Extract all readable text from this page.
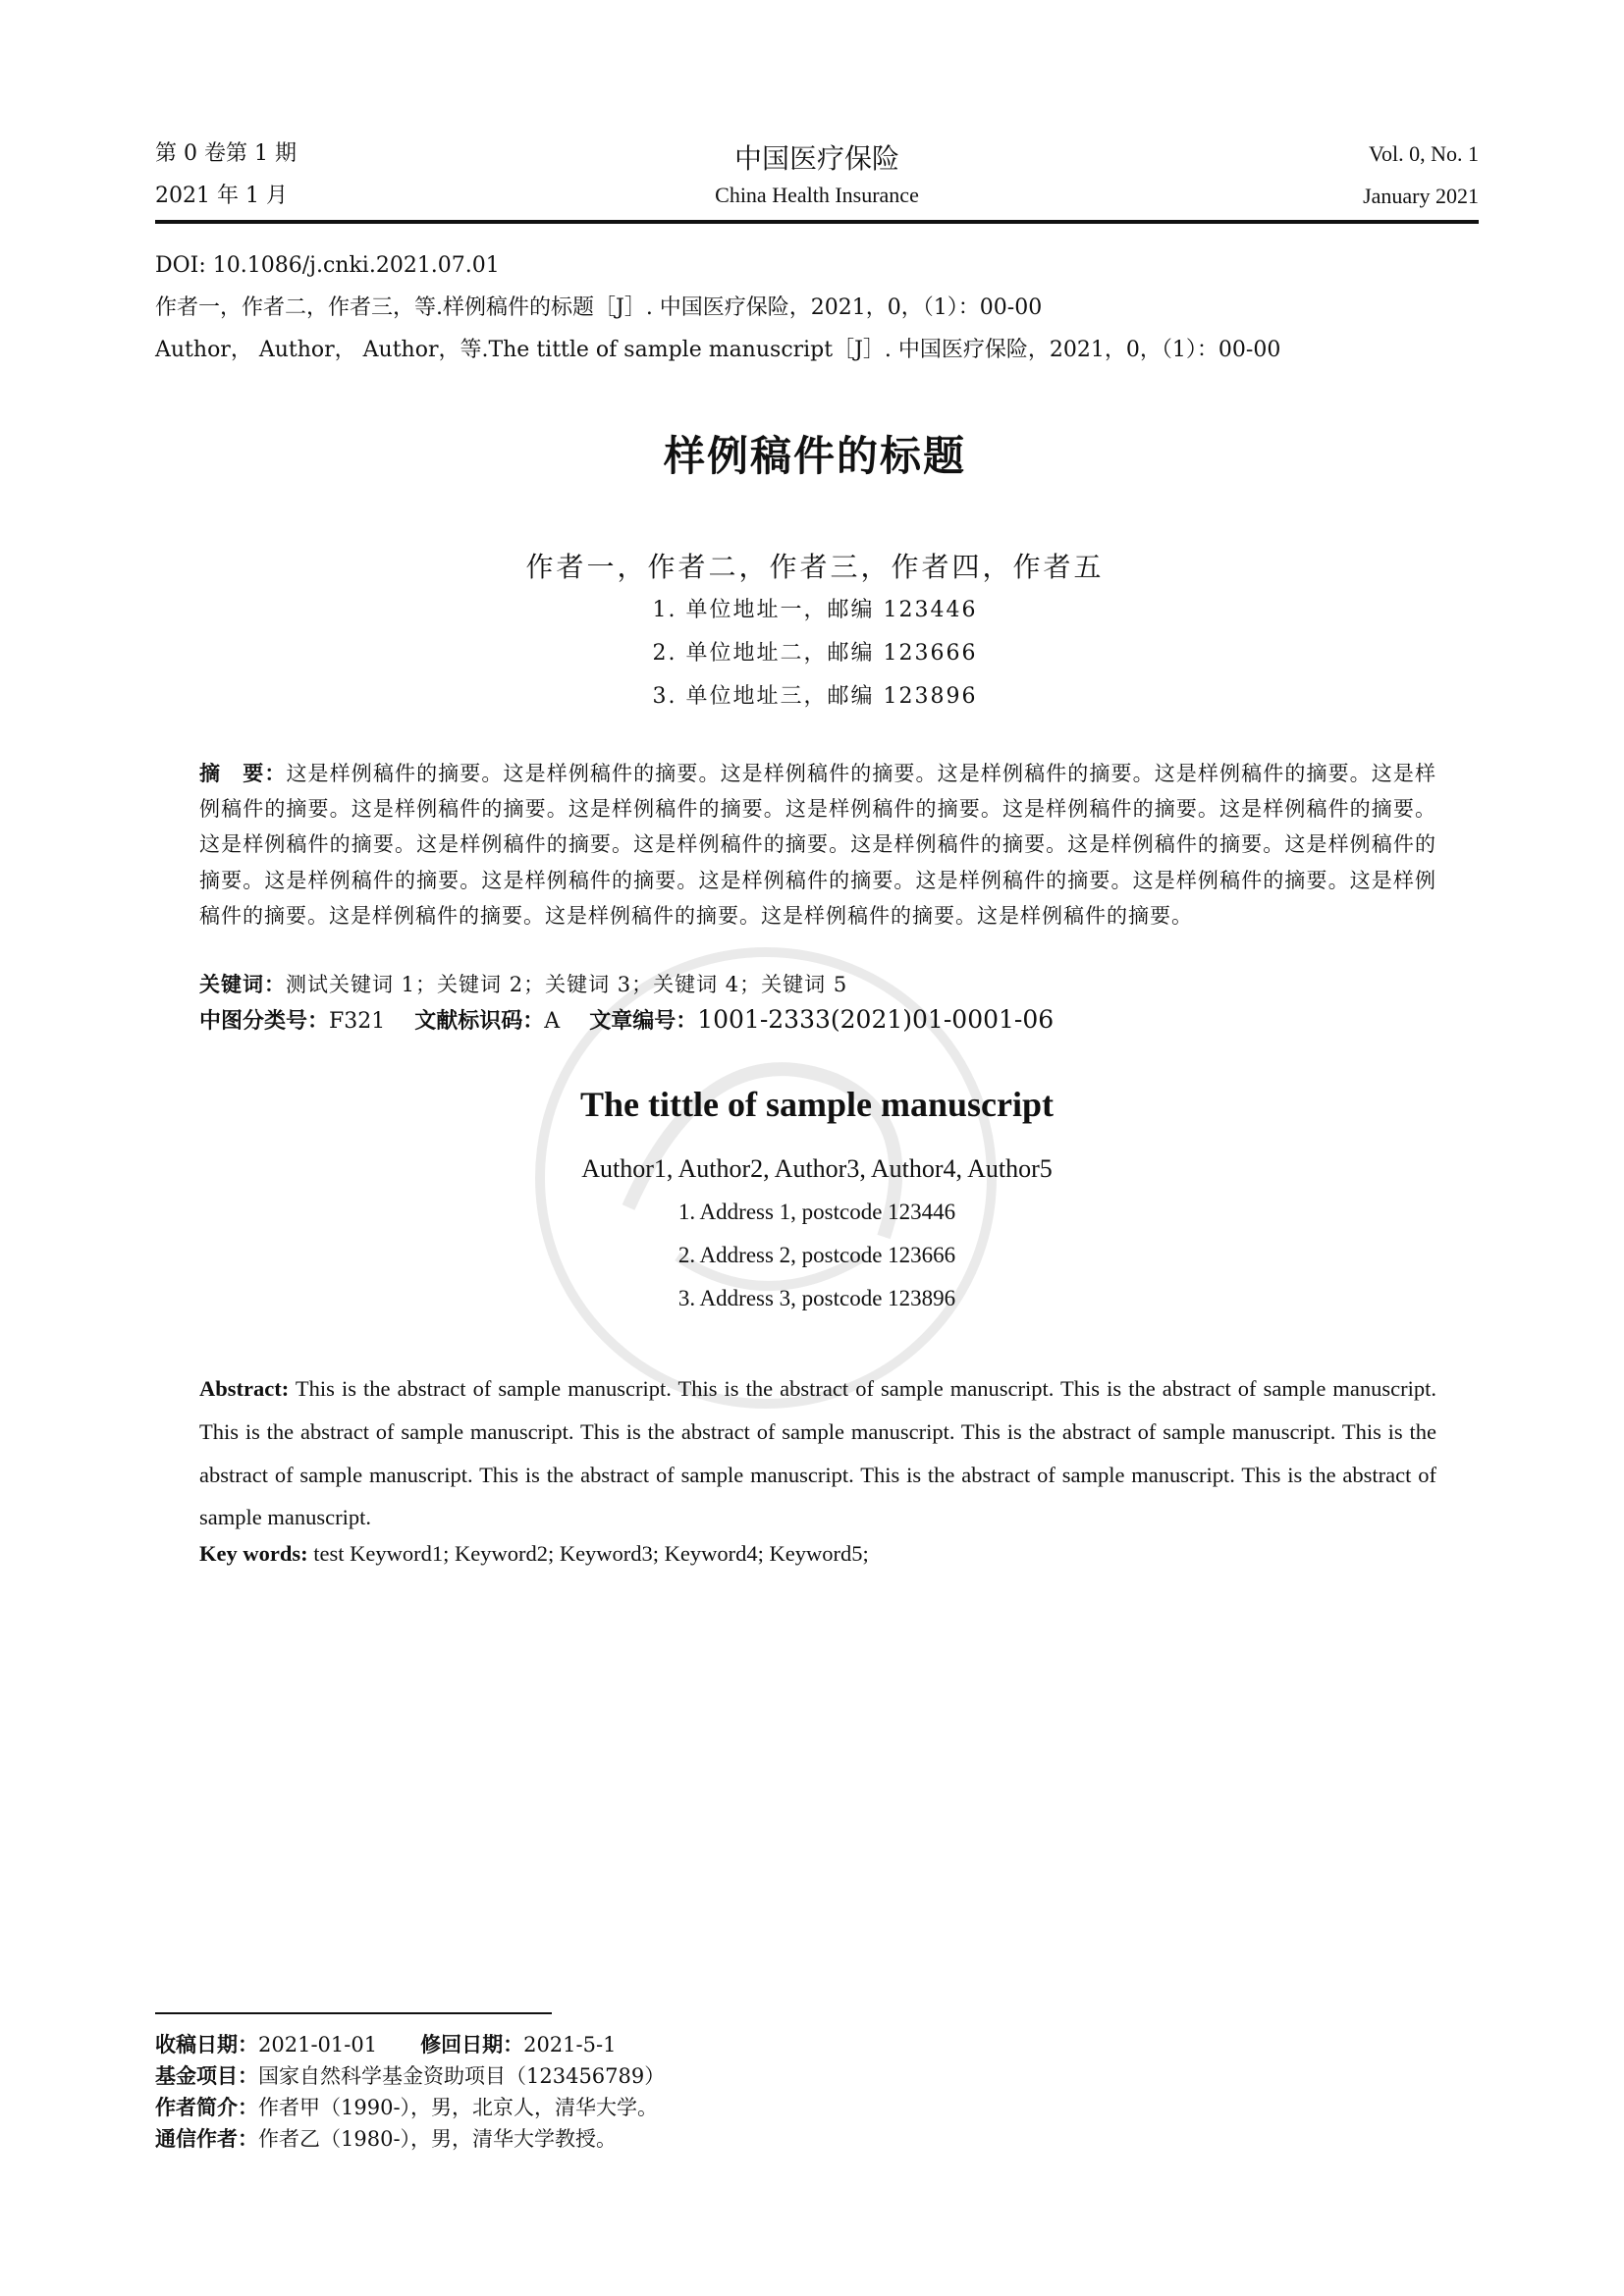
第 0 卷第 1 期
2021 年 1 月
中国医疗保险
China Health Insurance
Vol. 0, No. 1
January 2021
DOI: 10.1086/j.cnki.2021.07.01
作者一，作者二，作者三，等.样例稿件的标题［J］. 中国医疗保险，2021，0，（1）：00-00
Author， Author， Author，等.The tittle of sample manuscript［J］. 中国医疗保险，2021，0，（1）：00-00
样例稿件的标题
作者一，作者二，作者三，作者四，作者五
1. 单位地址一，邮编 123446
2. 单位地址二，邮编 123666
3. 单位地址三，邮编 123896
摘　要：这是样例稿件的摘要。这是样例稿件的摘要。这是样例稿件的摘要。这是样例稿件的摘要。这是样例稿件的摘要。这是样例稿件的摘要。这是样例稿件的摘要。这是样例稿件的摘要。这是样例稿件的摘要。这是样例稿件的摘要。这是样例稿件的摘要。这是样例稿件的摘要。这是样例稿件的摘要。这是样例稿件的摘要。这是样例稿件的摘要。这是样例稿件的摘要。这是样例稿件的摘要。这是样例稿件的摘要。这是样例稿件的摘要。这是样例稿件的摘要。这是样例稿件的摘要。这是样例稿件的摘要。这是样例稿件的摘要。这是样例稿件的摘要。这是样例稿件的摘要。这是样例稿件的摘要。这是样例稿件的摘要。
关键词：测试关键词 1；关键词 2；关键词 3；关键词 4；关键词 5
中图分类号：F321 文献标识码：A 文章编号：1001-2333(2021)01-0001-06
The tittle of sample manuscript
Author1, Author2, Author3, Author4, Author5
1. Address 1, postcode 123446
2. Address 2, postcode 123666
3. Address 3, postcode 123896
Abstract: This is the abstract of sample manuscript. This is the abstract of sample manuscript. This is the abstract of sample manuscript. This is the abstract of sample manuscript. This is the abstract of sample manuscript. This is the abstract of sample manuscript. This is the abstract of sample manuscript. This is the abstract of sample manuscript. This is the abstract of sample manuscript. This is the abstract of sample manuscript.
Key words: test Keyword1; Keyword2; Keyword3; Keyword4; Keyword5;
收稿日期：2021-01-01 修回日期：2021-5-1
基金项目：国家自然科学基金资助项目（123456789）
作者简介：作者甲（1990-），男，北京人，清华大学。
通信作者：作者乙（1980-），男，清华大学教授。
